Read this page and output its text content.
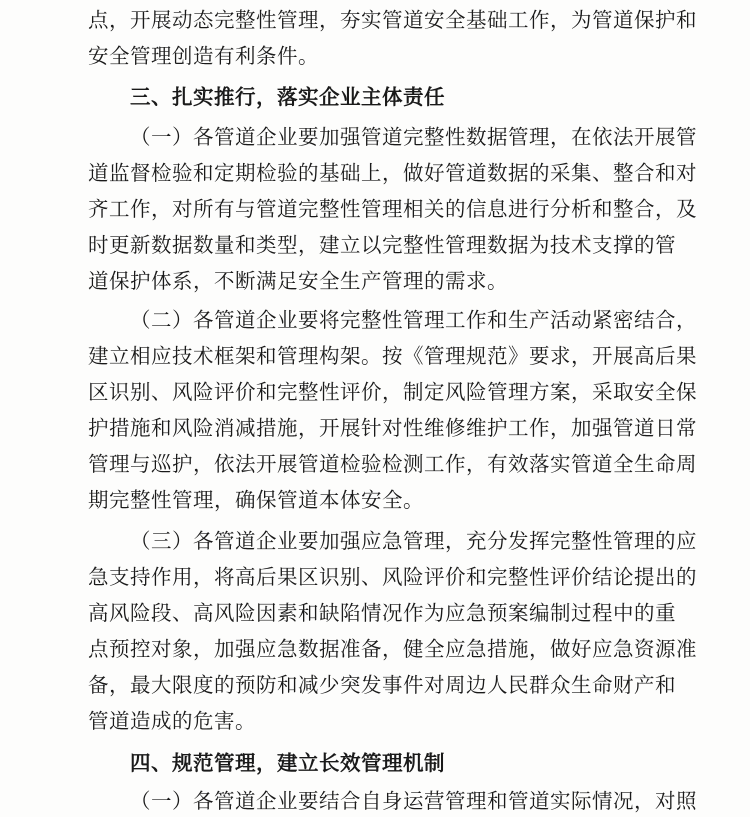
点，开展动态完整性管理，夯实管道安全基础工作，为管道保护和
安全管理创造有利条件。
三、扎实推行，落实企业主体责任
（一）各管道企业要加强管道完整性数据管理，在依法开展管
道监督检验和定期检验的基础上，做好管道数据的采集、整合和对
齐工作，对所有与管道完整性管理相关的信息进行分析和整合，及
时更新数据数量和类型，建立以完整性管理数据为技术支撑的管
道保护体系，不断满足安全生产管理的需求。
（二）各管道企业要将完整性管理工作和生产活动紧密结合，
建立相应技术框架和管理构架。按《管理规范》要求，开展高后果
区识别、风险评价和完整性评价，制定风险管理方案，采取安全保
护措施和风险消减措施，开展针对性维修维护工作，加强管道日常
管理与巡护，依法开展管道检验检测工作，有效落实管道全生命周
期完整性管理，确保管道本体安全。
（三）各管道企业要加强应急管理，充分发挥完整性管理的应
急支持作用，将高后果区识别、风险评价和完整性评价结论提出的
高风险段、高风险因素和缺陷情况作为应急预案编制过程中的重
点预控对象，加强应急数据准备，健全应急措施，做好应急资源准
备，最大限度的预防和减少突发事件对周边人民群众生命财产和
管道造成的危害。
四、规范管理，建立长效管理机制
（一）各管道企业要结合自身运营管理和管道实际情况，对照
